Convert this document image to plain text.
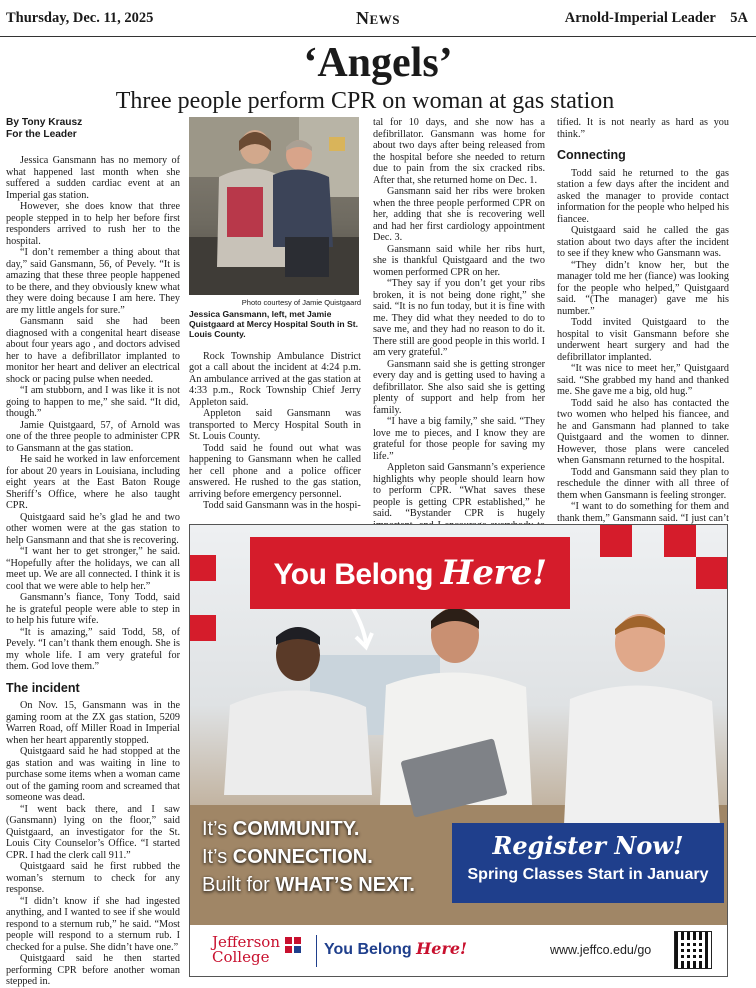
Thursday, Dec. 11, 2025	News	Arnold-Imperial Leader 5A
‘Angels’
Three people perform CPR on woman at gas station
By Tony Krausz
For the Leader

Jessica Gansmann has no memory of what happened last month when she suffered a sudden cardiac event at an Imperial gas station.

However, she does know that three people stepped in to help her before first responders arrived to rush her to the hospital.

“I don’t remember a thing about that day,” said Gansmann, 56, of Pevely. “It is amazing that these three people happened to be there, and they obviously knew what they were doing because I am here. They are my little angels for sure.”

Gansmann said she had been diagnosed with a congenital heart disease about four years ago , and doctors advised her to have a defibrillator implanted to monitor her heart and deliver an electrical shock or pacing pulse when needed.

“I am stubborn, and I was like it is not going to happen to me,” she said. “It did, though.”

Jamie Quistgaard, 57, of Arnold was one of the three people to administer CPR to Gansmann at the gas station.

He said he worked in law enforcement for about 20 years in Louisiana, including eight years at the East Baton Rouge Sheriff’s Office, where he also taught CPR.

Quistgaard said he’s glad he and two other women were at the gas station to help Gansmann and that she is recovering.

“I want her to get stronger,” he said. “Hopefully after the holidays, we can all meet up. We are all connected. I think it is cool that we were able to help her.”

Gansmann’s fiance, Tony Todd, said he is grateful people were able to step in to help his future wife.

“It is amazing,” said Todd, 58, of Pevely. “I can’t thank them enough. She is my whole life. I am very grateful for them. God love them.”

The incident

On Nov. 15, Gansmann was in the gaming room at the ZX gas station, 5209 Warren Road, off Miller Road in Imperial when her heart apparently stopped.

Quistgaard said he had stopped at the gas station and was waiting in line to purchase some items when a woman came out of the gaming room and screamed that someone was dead.

“I went back there, and I saw (Gansmann) lying on the floor,” said Quistgaard, an investigator for the St. Louis City Counselor’s Office. “I started CPR. I had the clerk call 911.”

Quistgaard said he first rubbed the woman’s sternum to check for any response.

“I didn’t know if she had ingested anything, and I wanted to see if she would respond to a sternum rub,” he said. “Most people will respond to a sternum rub. I checked for a pulse. She didn’t have one.”

Quistgaard said he then started performing CPR before another woman stepped in.

Photo courtesy of Jamie Quistgaard
Jessica Gansmann, left, met Jamie Quistgaard at Mercy Hospital South in St. Louis County.

Rock Township Ambulance District got a call about the incident at 4:24 p.m. An ambulance arrived at the gas station at 4:33 p.m., Rock Township Chief Jerry Appleton said.

Appleton said Gansmann was transported to Mercy Hospital South in St. Louis County.

Todd said he found out what was happening to Gansmann when he called her cell phone and a police officer answered. He rushed to the gas station, arriving before emergency personnel.

Todd said Gansmann was in the hospi-

tal for 10 days, and she now has a defibrillator. Gansmann was home for about two days after being released from the hospital before she needed to return due to pain from the six cracked ribs. After that, she returned home on Dec. 1.

Gansmann said her ribs were broken when the three people performed CPR on her, adding that she is recovering well and had her first cardiology appointment Dec. 3.

Gansmann said while her ribs hurt, she is thankful Quistgaard and the two women performed CPR on her.

“They say if you don’t get your ribs broken, it is not being done right,” she said. “It is no fun today, but it is fine with me. They did what they needed to do to save me, and they had no reason to do it. There still are good people in this world. I am very grateful.”

Gansmann said she is getting stronger every day and is getting used to having a defibrillator. She also said she is getting plenty of support and help from her family.

“I have a big family,” she said. “They love me to pieces, and I know they are grateful for those people for saving my life.”

Appleton said Gansmann’s experience highlights why people should learn how to perform CPR. “What saves these people is getting CPR established,” he said. “Bystander CPR is hugely

tified. It is not nearly as hard as you think.”

Connecting

Todd said he returned to the gas station a few days after the incident and asked the manager to provide contact information for the people who helped his fiancee.

Quistgaard said he called the gas station about two days after the incident to see if they knew who Gansmann was.

“They didn’t know her, but the manager told me her (fiance) was looking for the people who helped,” Quistgaard said. “(The manager) gave me his number.”

Todd invited Quistgaard to the hospital to visit Gansmann before she underwent heart surgery and had the defibrillator implanted.

“It was nice to meet her,” Quistgaard said. “She grabbed my hand and thanked me. She gave me a big, old hug.”

Todd said he also has contacted the two women who helped his fiancee, and he and Gansmann had planned to take Quistgaard and the women to dinner. However, those plans were canceled when Gansmann returned to the hospital.

Todd and Gansmann said they plan to reschedule the dinner with all three of them when Gansmann is feeling stronger.

“I want to do something for them and thank them,” Gansmann said. “I just can’t

You Belong Here!
It’s COMMUNITY.
It’s CONNECTION.
Built for WHAT’S NEXT.
Register Now!
Spring Classes Start in January
Jefferson College	You Belong Here!	www.jeffco.edu/go
